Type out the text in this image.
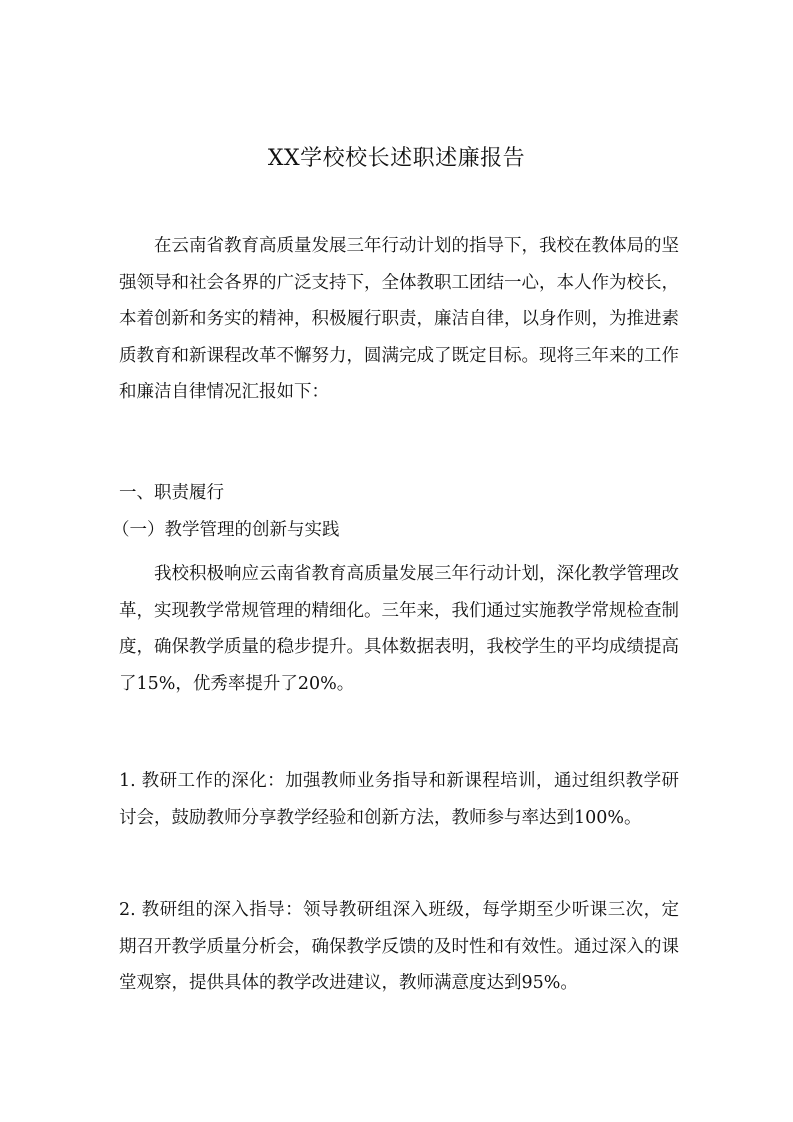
XX学校校长述职述廉报告

在云南省教育高质量发展三年行动计划的指导下，我校在教体局的坚强领导和社会各界的广泛支持下，全体教职工团结一心，本人作为校长，本着创新和务实的精神，积极履行职责，廉洁自律，以身作则，为推进素质教育和新课程改革不懈努力，圆满完成了既定目标。现将三年来的工作和廉洁自律情况汇报如下：

一、职责履行

（一）教学管理的创新与实践

我校积极响应云南省教育高质量发展三年行动计划，深化教学管理改革，实现教学常规管理的精细化。三年来，我们通过实施教学常规检查制度，确保教学质量的稳步提升。具体数据表明，我校学生的平均成绩提高了15%，优秀率提升了20%。

1. 教研工作的深化：加强教师业务指导和新课程培训，通过组织教学研讨会，鼓励教师分享教学经验和创新方法，教师参与率达到100%。

2. 教研组的深入指导：领导教研组深入班级，每学期至少听课三次，定期召开教学质量分析会，确保教学反馈的及时性和有效性。通过深入的课堂观察，提供具体的教学改进建议，教师满意度达到95%。
